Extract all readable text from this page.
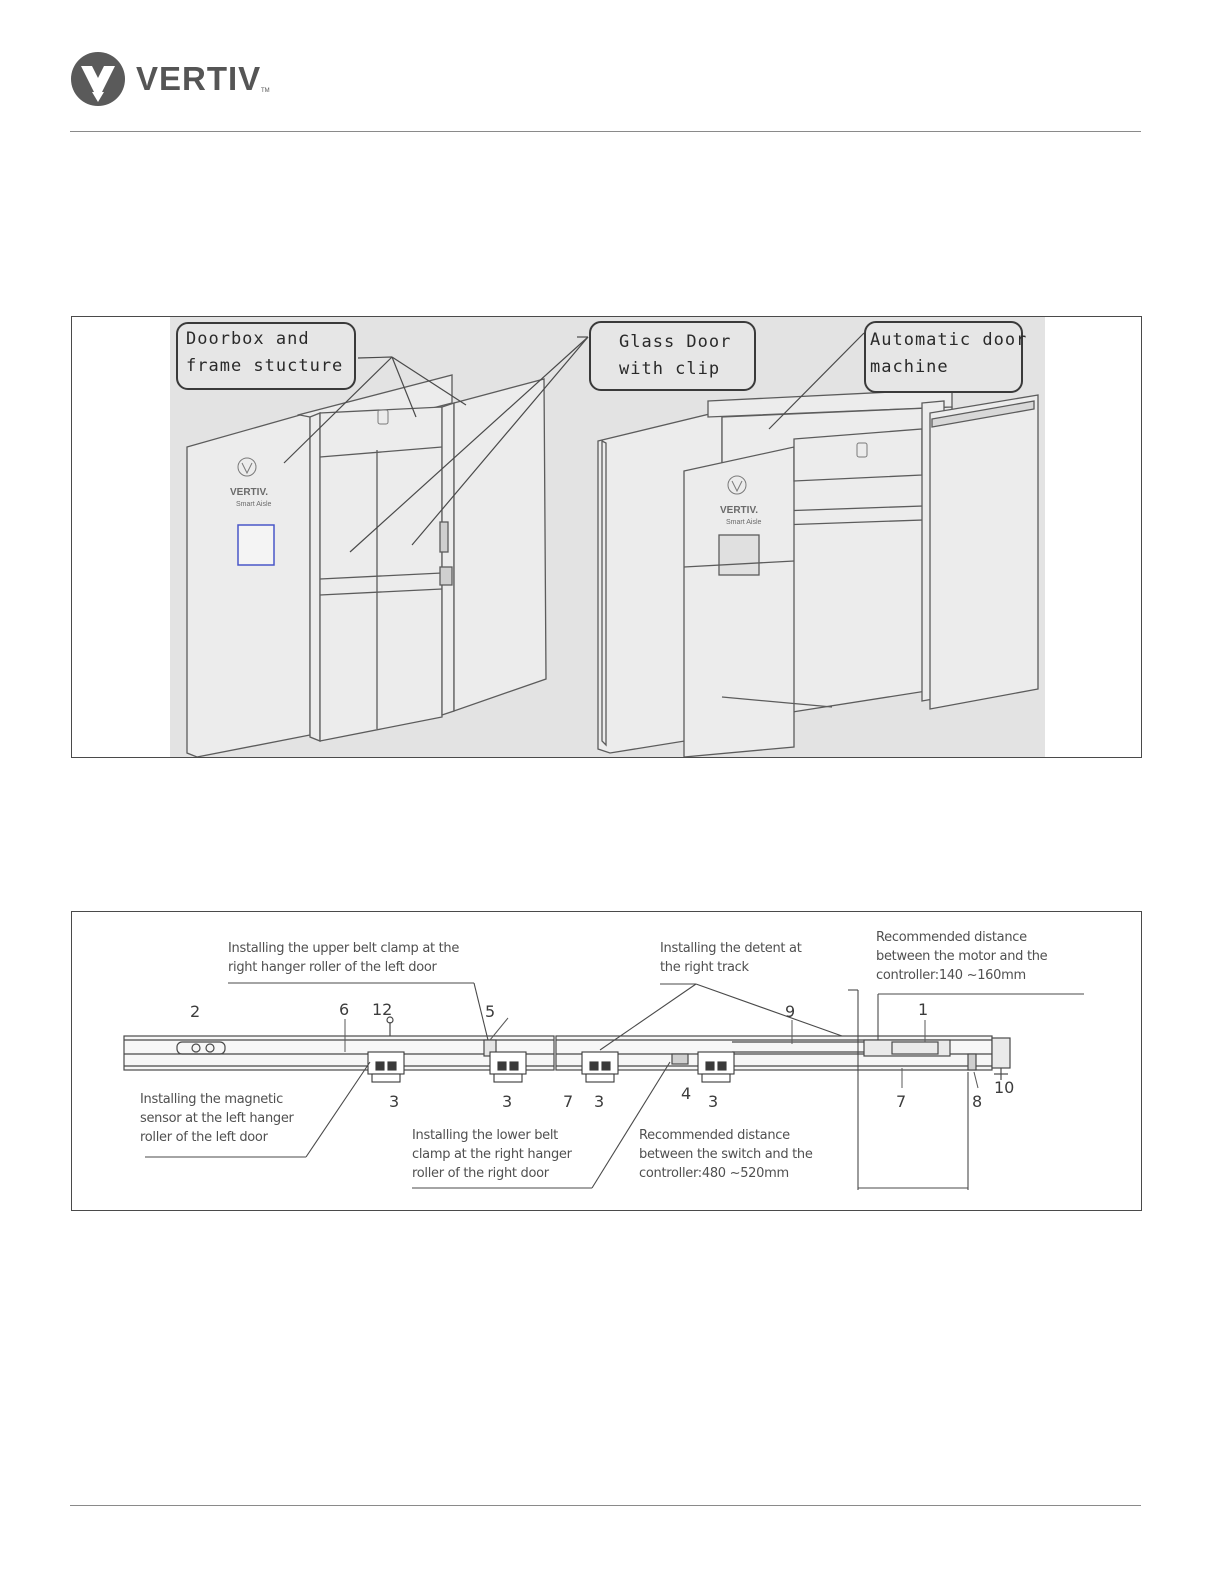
VERTIV TM
VERTIV.
Smart Aisle
VERTIV.
Smart Aisle
Doorbox and
frame stucture
Glass Door
with clip
Automatic door
machine
Installing the upper belt clamp at the
right hanger roller of the left door
Installing the detent at
the right track
Recommended distance
between the motor and the
controller:140 ~160mm
Installing the magnetic
sensor at the left hanger
roller of the left door	Installing the lower belt
clamp at the right hanger
roller of the right door
Recommended distance
between the switch and the
controller:480 ~520mm
2	6 12	5	9	1
3	3	7 3	4 3	7	8
10
